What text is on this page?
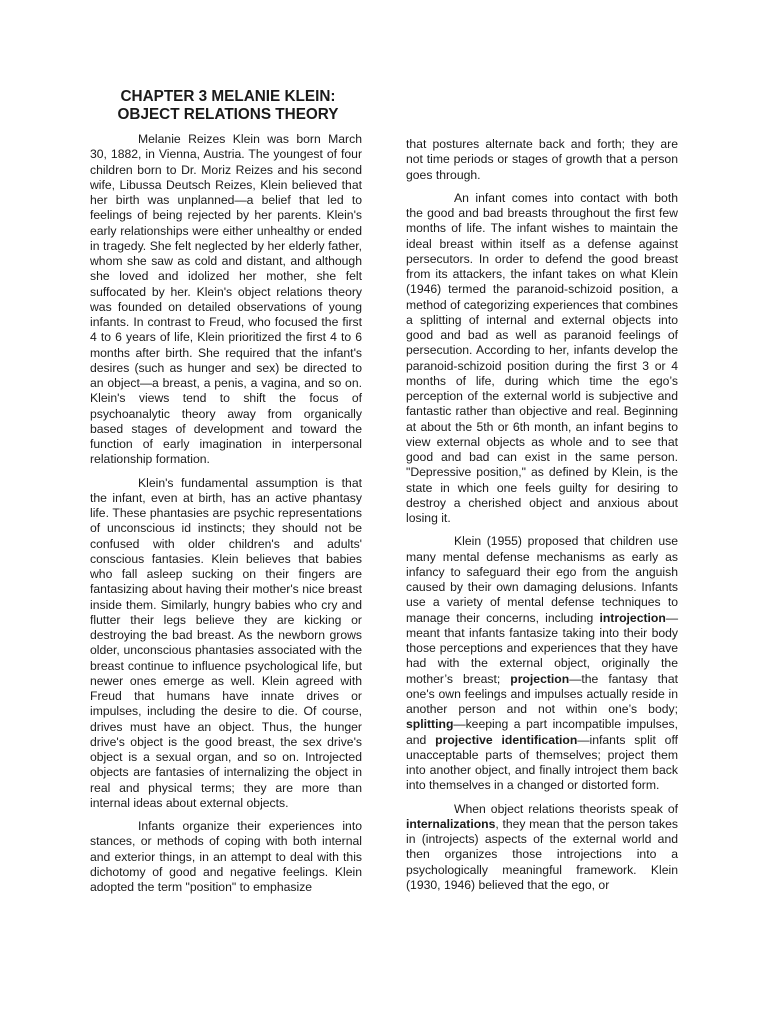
CHAPTER 3 MELANIE KLEIN:
OBJECT RELATIONS THEORY

Melanie Reizes Klein was born March 30, 1882, in Vienna, Austria. The youngest of four children born to Dr. Moriz Reizes and his second wife, Libussa Deutsch Reizes, Klein believed that her birth was unplanned—a belief that led to feelings of being rejected by her parents. Klein's early relationships were either unhealthy or ended in tragedy. She felt neglected by her elderly father, whom she saw as cold and distant, and although she loved and idolized her mother, she felt suffocated by her. Klein's object relations theory was founded on detailed observations of young infants. In contrast to Freud, who focused the first 4 to 6 years of life, Klein prioritized the first 4 to 6 months after birth. She required that the infant's desires (such as hunger and sex) be directed to an object—a breast, a penis, a vagina, and so on. Klein's views tend to shift the focus of psychoanalytic theory away from organically based stages of development and toward the function of early imagination in interpersonal relationship formation.

Klein's fundamental assumption is that the infant, even at birth, has an active phantasy life. These phantasies are psychic representations of unconscious id instincts; they should not be confused with older children's and adults' conscious fantasies. Klein believes that babies who fall asleep sucking on their fingers are fantasizing about having their mother's nice breast inside them. Similarly, hungry babies who cry and flutter their legs believe they are kicking or destroying the bad breast. As the newborn grows older, unconscious phantasies associated with the breast continue to influence psychological life, but newer ones emerge as well. Klein agreed with Freud that humans have innate drives or impulses, including the desire to die. Of course, drives must have an object. Thus, the hunger drive's object is the good breast, the sex drive's object is a sexual organ, and so on. Introjected objects are fantasies of internalizing the object in real and physical terms; they are more than internal ideas about external objects.

Infants organize their experiences into stances, or methods of coping with both internal and exterior things, in an attempt to deal with this dichotomy of good and negative feelings. Klein adopted the term "position" to emphasize

that postures alternate back and forth; they are not time periods or stages of growth that a person goes through.

An infant comes into contact with both the good and bad breasts throughout the first few months of life. The infant wishes to maintain the ideal breast within itself as a defense against persecutors. In order to defend the good breast from its attackers, the infant takes on what Klein (1946) termed the paranoid-schizoid position, a method of categorizing experiences that combines a splitting of internal and external objects into good and bad as well as paranoid feelings of persecution. According to her, infants develop the paranoid-schizoid position during the first 3 or 4 months of life, during which time the ego’s perception of the external world is subjective and fantastic rather than objective and real. Beginning at about the 5th or 6th month, an infant begins to view external objects as whole and to see that good and bad can exist in the same person. "Depressive position," as defined by Klein, is the state in which one feels guilty for desiring to destroy a cherished object and anxious about losing it.

Klein (1955) proposed that children use many mental defense mechanisms as early as infancy to safeguard their ego from the anguish caused by their own damaging delusions. Infants use a variety of mental defense techniques to manage their concerns, including introjection—meant that infants fantasize taking into their body those perceptions and experiences that they have had with the external object, originally the mother’s breast; projection—the fantasy that one's own feelings and impulses actually reside in another person and not within one’s body; splitting—keeping a part incompatible impulses, and projective identification—infants split off unacceptable parts of themselves; project them into another object, and finally introject them back into themselves in a changed or distorted form.

When object relations theorists speak of internalizations, they mean that the person takes in (introjects) aspects of the external world and then organizes those introjections into a psychologically meaningful framework. Klein (1930, 1946) believed that the ego, or
